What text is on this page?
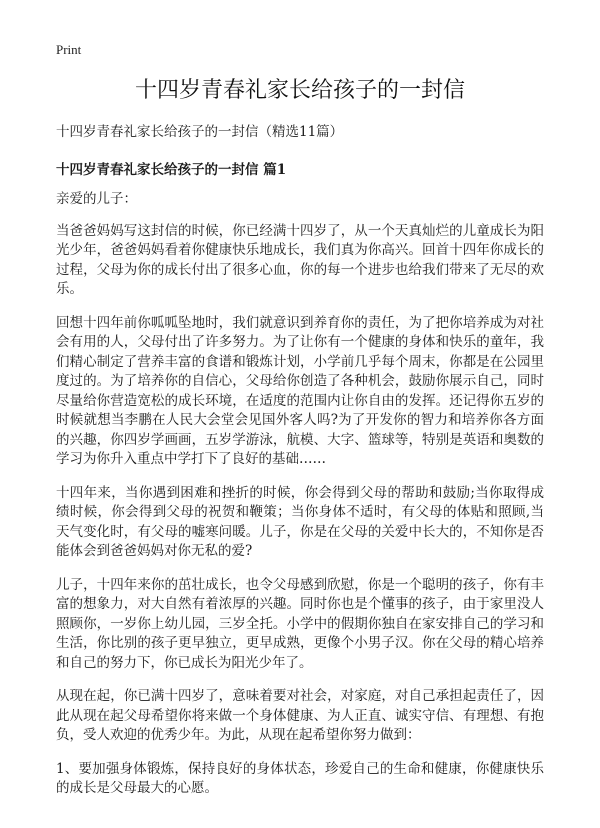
Print
十四岁青春礼家长给孩子的一封信

十四岁青春礼家长给孩子的一封信（精选11篇）

十四岁青春礼家长给孩子的一封信 篇1

亲爱的儿子：

当爸爸妈妈写这封信的时候，你已经满十四岁了，从一个天真灿烂的儿童成长为阳光少年，爸爸妈妈看着你健康快乐地成长，我们真为你高兴。回首十四年你成长的过程，父母为你的成长付出了很多心血，你的每一个进步也给我们带来了无尽的欢乐。

回想十四年前你呱呱坠地时，我们就意识到养育你的责任，为了把你培养成为对社会有用的人，父母付出了许多努力。为了让你有一个健康的身体和快乐的童年，我们精心制定了营养丰富的食谱和锻炼计划，小学前几乎每个周末，你都是在公园里度过的。为了培养你的自信心，父母给你创造了各种机会，鼓励你展示自己，同时尽量给你营造宽松的成长环境，在适度的范围内让你自由的发挥。还记得你五岁的时候就想当李鹏在人民大会堂会见国外客人吗?为了开发你的智力和培养你各方面的兴趣，你四岁学画画，五岁学游泳，航模、大字、篮球等，特别是英语和奥数的学习为你升入重点中学打下了良好的基础……

十四年来，当你遇到困难和挫折的时候，你会得到父母的帮助和鼓励;当你取得成绩时候，你会得到父母的祝贺和鞭策；当你身体不适时，有父母的体贴和照顾,当天气变化时，有父母的嘘寒问暖。儿子，你是在父母的关爱中长大的，不知你是否能体会到爸爸妈妈对你无私的爱?

儿子，十四年来你的茁壮成长，也令父母感到欣慰，你是一个聪明的孩子，你有丰富的想象力，对大自然有着浓厚的兴趣。同时你也是个懂事的孩子，由于家里没人照顾你，一岁你上幼儿园，三岁全托。小学中的假期你独自在家安排自己的学习和生活，你比别的孩子更早独立，更早成熟，更像个小男子汉。你在父母的精心培养和自己的努力下，你已成长为阳光少年了。

从现在起，你已满十四岁了，意味着要对社会，对家庭，对自己承担起责任了，因此从现在起父母希望你将来做一个身体健康、为人正直、诚实守信、有理想、有抱负，受人欢迎的优秀少年。为此，从现在起希望你努力做到：

1、要加强身体锻炼，保持良好的身体状态，珍爱自己的生命和健康，你健康快乐的成长是父母最大的心愿。
